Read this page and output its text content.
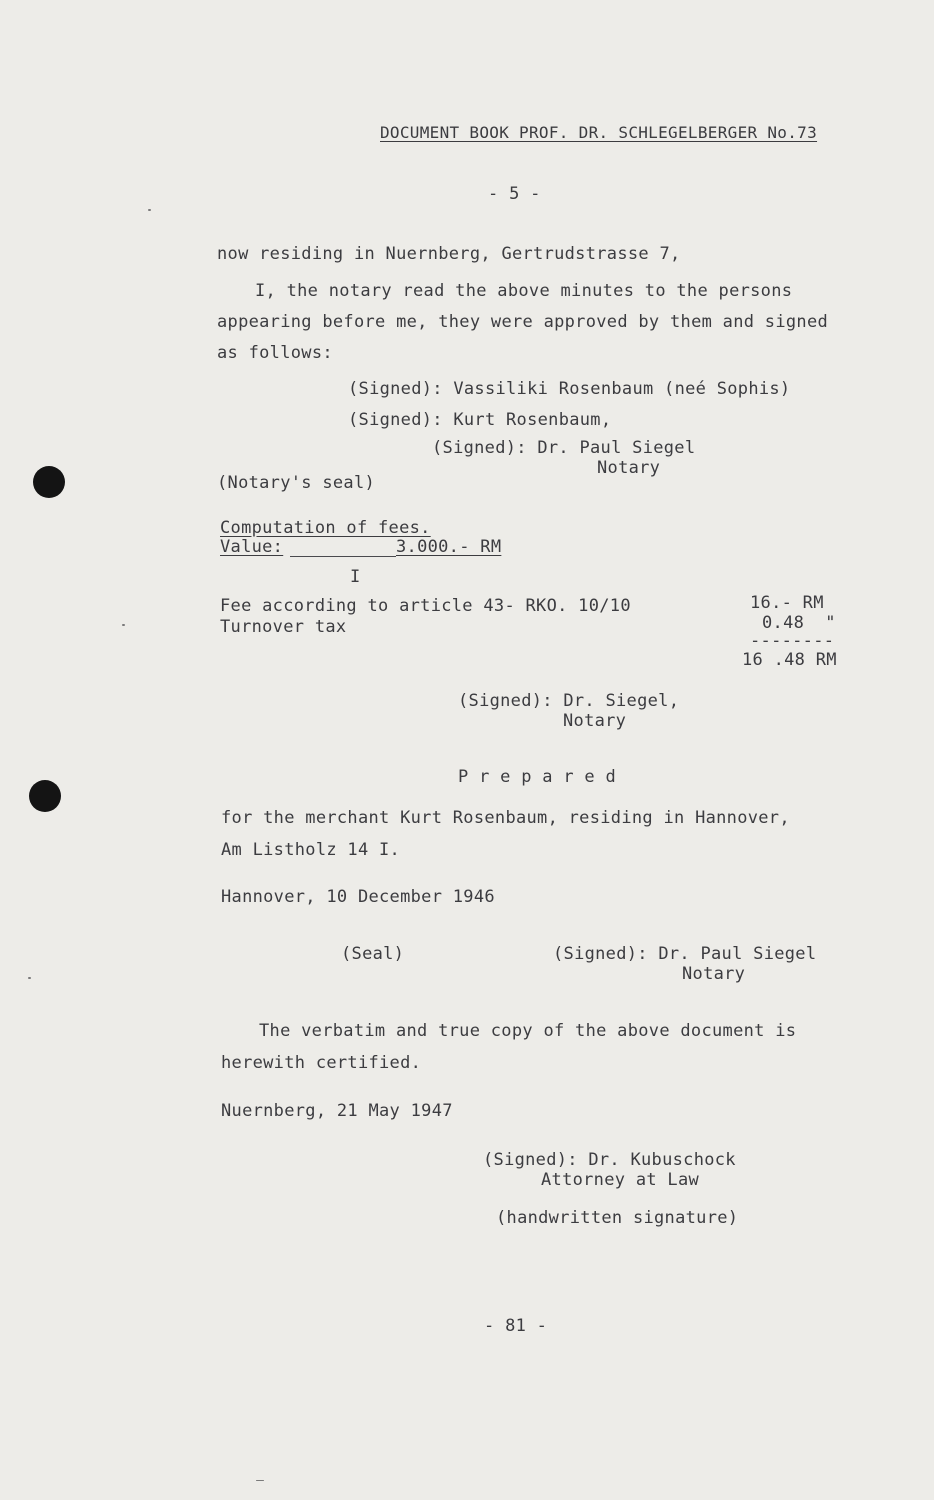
DOCUMENT BOOK PROF. DR. SCHLEGELBERGER No.73
- 5 -
now residing in Nuernberg, Gertrudstrasse 7,
I, the notary read the above minutes to the persons
appearing before me, they were approved by them and signed
as follows:
(Signed): Vassiliki Rosenbaum (neé Sophis)
(Signed): Kurt Rosenbaum,
(Signed): Dr. Paul Siegel
Notary
(Notary's seal)
Computation of fees.
Value:	3.000.- RM
I
Fee according to article 43- RKO. 10/10	16.- RM
Turnover tax	0.48  "
--------
16 .48 RM
(Signed): Dr. Siegel,
Notary
P r e p a r e d
for the merchant Kurt Rosenbaum, residing in Hannover,
Am Listholz 14 I.
Hannover, 10 December 1946
(Seal)	(Signed): Dr. Paul Siegel
Notary
The verbatim and true copy of the above document is
herewith certified.
Nuernberg, 21 May 1947
(Signed): Dr. Kubuschock
Attorney at Law
(handwritten signature)
- 81 -
